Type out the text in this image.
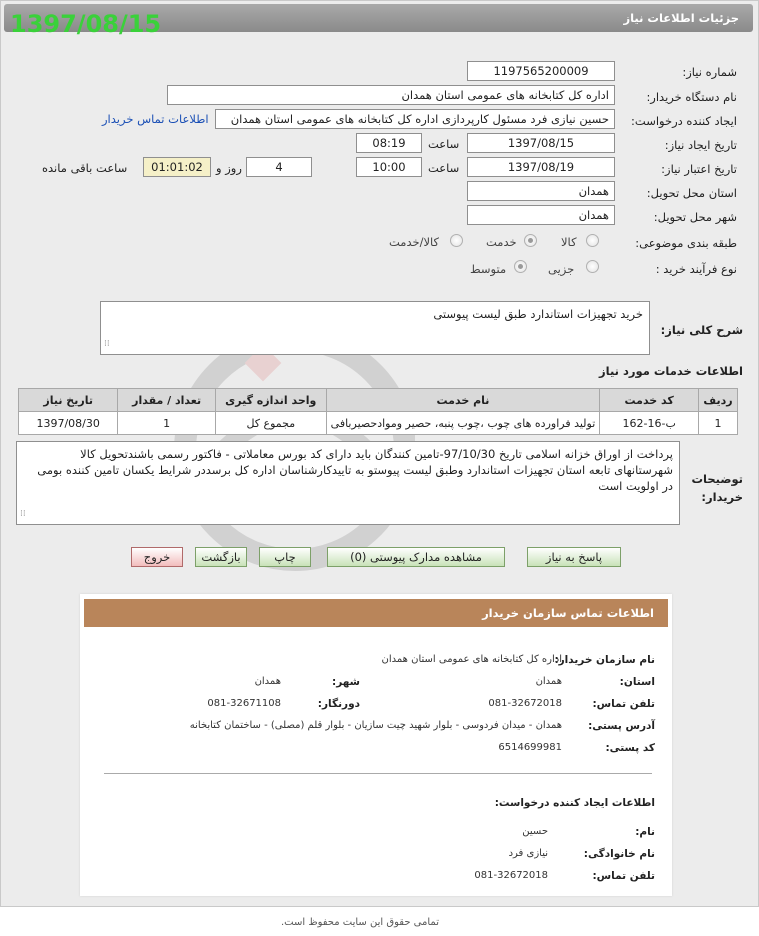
جزئیات اطلاعات نیاز
1397/08/15
شماره نیاز:
1197565200009
نام دستگاه خریدار:
اداره کل کتابخانه های عمومی استان همدان
ایجاد کننده درخواست:
حسین نیازی فرد مسئول کارپردازی اداره کل کتابخانه های عمومی استان همدان
اطلاعات تماس خریدار
تاریخ ایجاد نیاز:
1397/08/15
ساعت
08:19
تاریخ اعتبار نیاز:
1397/08/19
ساعت
10:00
4
روز و
01:01:02
ساعت باقی مانده
استان محل تحویل:
همدان
شهر محل تحویل:
همدان
طبقه بندی موضوعی:
کالا
خدمت
کالا/خدمت
نوع فرآیند خرید :
جزیی
متوسط
شرح کلی نیاز:
خرید تجهیزات استاندارد طبق لیست پیوستی
⁞⁞
اطلاعات خدمات مورد نیاز
ردیف	کد خدمت	نام خدمت	واحد اندازه گیری	تعداد / مقدار	تاریخ نیاز
1	ب-16-162	تولید فراورده های چوب ،چوب پنبه، حصیر وموادحصیربافی	مجموع کل	1	1397/08/30
توضیحات خریدار:
پرداخت از اوراق خزانه اسلامی تاریخ 97/10/30-تامین کنندگان باید دارای کد بورس معاملاتی - فاکتور رسمی باشندتحویل کالا شهرستانهای تابعه استان تجهیزات استاندارد وطبق لیست پیوستو به تاییدکارشناسان اداره کل برسددر شرایط یکسان تامین کننده بومی در اولویت است
⁞⁞
پاسخ به نیاز
مشاهده مدارک پیوستی (0)
چاپ
بازگشت
خروج
اطلاعات تماس سازمان خریدار
نام سازمان خریدار:
اداره کل کتابخانه های عمومی استان همدان
استان:
همدان
شهر:
همدان
تلفن تماس:
081-32672018
دورنگار:
081-32671108
آدرس پستی:
همدان - میدان فردوسی - بلوار شهید چیت سازیان - بلوار قلم (مصلی) - ساختمان کتابخانه
کد پستی:
6514699981
اطلاعات ایجاد کننده درخواست:
نام:
حسین
نام خانوادگی:
نیازی فرد
تلفن تماس:
081-32672018
تمامی حقوق این سایت محفوظ است.
